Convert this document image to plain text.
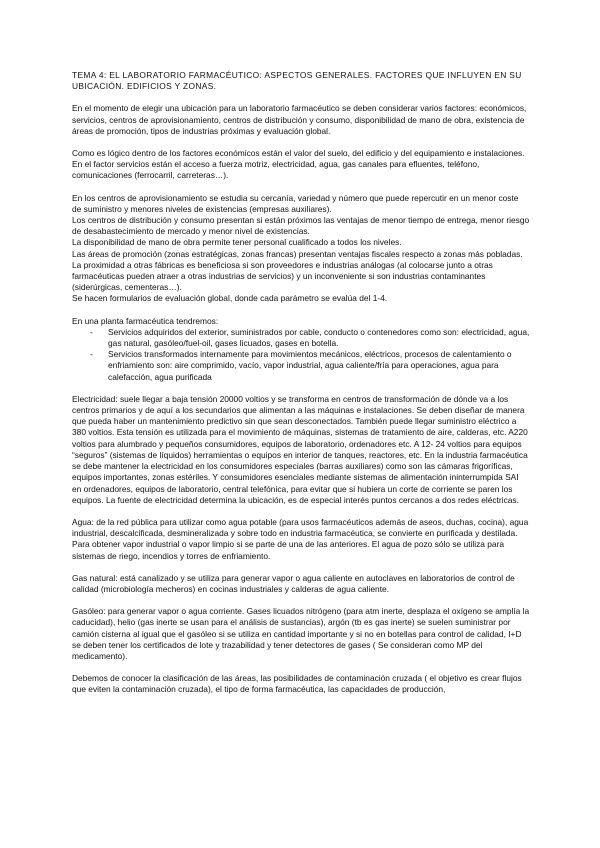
TEMA 4: EL LABORATORIO FARMACÉUTICO: ASPECTOS GENERALES. FACTORES QUE INFLUYEN EN SU UBICACIÓN. EDIFICIOS Y ZONAS.

En el momento de elegir una ubicación para un laboratorio farmacéutico se deben considerar varios factores: económicos, servicios, centros de aprovisionamiento, centros de distribución y consumo, disponibilidad de mano de obra, existencia de áreas de promoción, tipos de industrias próximas y evaluación global.

Como es lógico dentro de los factores económicos están el valor del suelo, del edificio y del equipamiento e instalaciones. En el factor servicios están el acceso a fuerza motriz, electricidad, agua, gas canales para efluentes, teléfono, comunicaciones (ferrocarril, carreteras…).

En los centros de aprovisionamiento se estudia su cercanía, variedad y número que puede repercutir en un menor coste de suministro y menores niveles de existencias (empresas auxiliares).

Los centros de distribución y consumo presentan si están próximos las ventajas de menor tiempo de entrega, menor riesgo de desabastecimiento de mercado y menor nivel de existencias.

La disponibilidad de mano de obra permite tener personal cualificado a todos los niveles.

Las áreas de promoción (zonas estratégicas, zonas francas) presentan ventajas fiscales respecto a zonas más pobladas.

La proximidad a otras fábricas es beneficiosa si son proveedores e industrias análogas (al colocarse junto a otras farmacéuticas pueden atraer a otras industrias de servicios) y un inconveniente si son industrias contaminantes (siderúrgicas, cementeras…).

Se hacen formularios de evaluación global, donde cada parámetro se evalúa del 1-4.

En una planta farmacéutica tendremos:

- Servicios adquiridos del exterior, suministrados por cable, conducto o contenedores como son: electricidad, agua, gas natural, gasóleo/fuel-oil, gases licuados, gases en botella.
- Servicios transformados internamente para movimientos mecánicos, eléctricos, procesos de calentamiento o enfriamiento son: aire comprimido, vacío, vapor industrial, agua caliente/fría para operaciones, agua para calefacción, agua purificada

Electricidad: suele llegar a baja tensión 20000 voltios y se transforma en centros de transformación de dónde va a los centros primarios y de aquí a los secundarios que alimentan a las máquinas e instalaciones. Se deben diseñar de manera que pueda haber un mantenimiento predictivo sin que sean desconectados. También puede llegar suministro eléctrico a 380 voltios. Esta tensión es utilizada para el movimiento de máquinas, sistemas de tratamiento de aire, calderas, etc. A220 voltios para alumbrado y pequeños consumidores, equipos de laboratorio, ordenadores etc. A 12- 24 voltios para equipos “seguros” (sistemas de líquidos) herramientas o equipos en interior de tanques, reactores, etc. En la industria farmacéutica se debe mantener la electricidad en los consumidores especiales (barras auxiliares) como son las cámaras frigoríficas, equipos importantes, zonas estériles. Y consumidores esenciales mediante sistemas de alimentación ininterrumpida SAI en ordenadores, equipos de laboratorio, central telefónica, para evitar que si hubiera un corte de corriente se paren los equipos. La fuente de electricidad determina la ubicación, es de especial interés puntos cercanos a dos redes eléctricas.

Agua: de la red pública para utilizar como agua potable (para usos farmacéuticos además de aseos, duchas, cocina), agua industrial, descalcificada, desmineralizada y sobre todo en industria farmacéutica, se convierte en purificada y destilada. Para obtener vapor industrial o vapor limpio si se parte de una de las anteriores. El agua de pozo sólo se utiliza para sistemas de riego, incendios y torres de enfriamiento.

Gas natural: está canalizado y se utiliza para generar vapor o agua caliente en autoclaves en laboratorios de control de calidad (microbiología mecheros) en cocinas industriales y calderas de agua caliente.

Gasóleo: para generar vapor o agua corriente. Gases licuados nitrógeno (para atm inerte, desplaza el oxígeno se amplía la caducidad), helio (gas inerte se usan para el análisis de sustancias), argón (tb es gas inerte) se suelen suministrar por camión cisterna al igual que el gasóleo si se utiliza en cantidad importante y si no en botellas para control de calidad, I+D se deben tener los certificados de lote y trazabilidad y tener detectores de gases ( Se consideran como MP del medicamento).

Debemos de conocer la clasificación de las áreas, las posibilidades de contaminación cruzada ( el objetivo es crear flujos que eviten la contaminación cruzada), el tipo de forma farmacéutica, las capacidades de producción,
